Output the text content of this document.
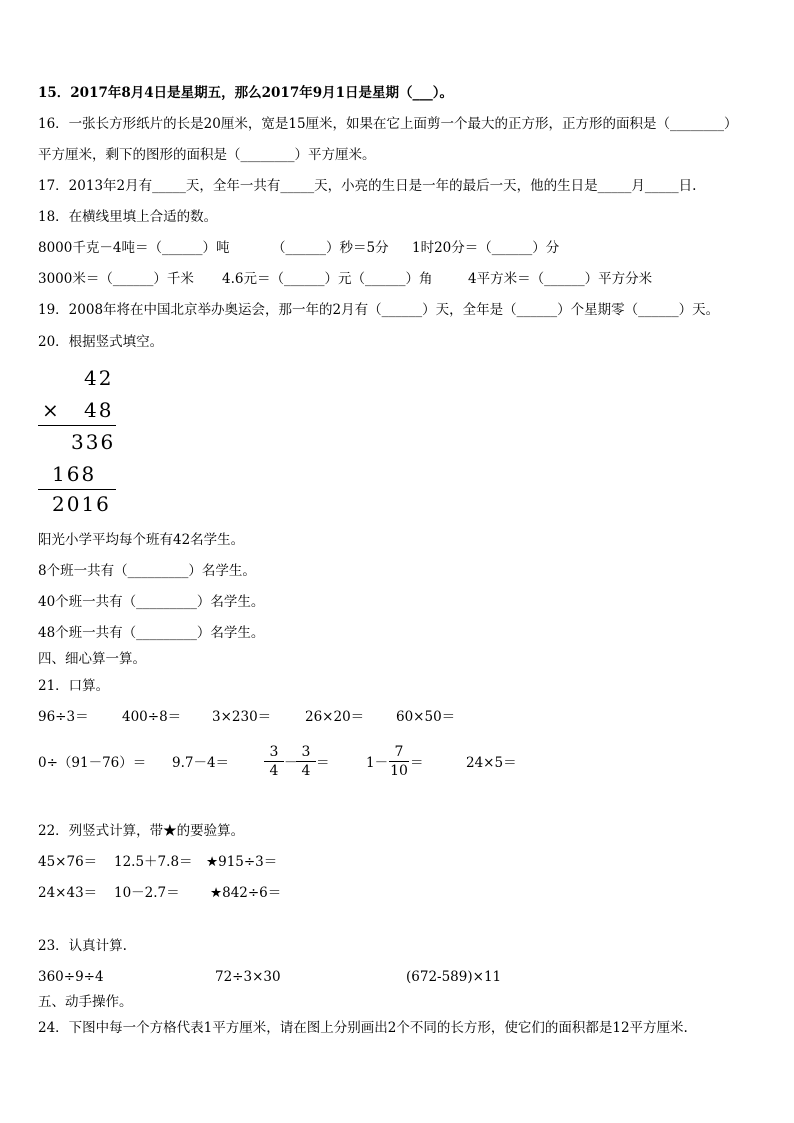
15．2017年8月4日是星期五，那么2017年9月1日是星期（___）。
16．一张长方形纸片的长是20厘米，宽是15厘米，如果在它上面剪一个最大的正方形，正方形的面积是（________）
平方厘米，剩下的图形的面积是（________）平方厘米。
17．2013年2月有_____天，全年一共有_____天，小亮的生日是一年的最后一天，他的生日是_____月_____日.
18．在横线里填上合适的数。
8000千克－4吨＝（______）吨	（______）秒＝5分 1时20分＝（______）分
3000米＝（______）千米 4.6元＝（______）元（______）角	4平方米＝（______）平方分米
19．2008年将在中国北京举办奥运会，那一年的2月有（______）天，全年是（______）个星期零（______）天。
20．根据竖式填空。
42
× 48
336
168
2016
阳光小学平均每个班有42名学生。
8个班一共有（_________）名学生。
40个班一共有（_________）名学生。
48个班一共有（_________）名学生。
四、细心算一算。
21．口算。
96÷3＝ 400÷8＝ 3×230＝	26×20＝ 60×50＝
0÷（91－76）＝ 9.7－4＝
3
4 －
3
4 ＝	1－
7
10 ＝	24×5＝
22．列竖式计算，带★的要验算。
45×76＝ 12.5＋7.8＝ ★915÷3＝
24×43＝ 10－2.7＝ ★842÷6＝
23．认真计算.
360÷9÷4	72÷3×30	(672-589)×11
五、动手操作。
24．下图中每一个方格代表1平方厘米，请在图上分别画出2个不同的长方形，使它们的面积都是12平方厘米.
